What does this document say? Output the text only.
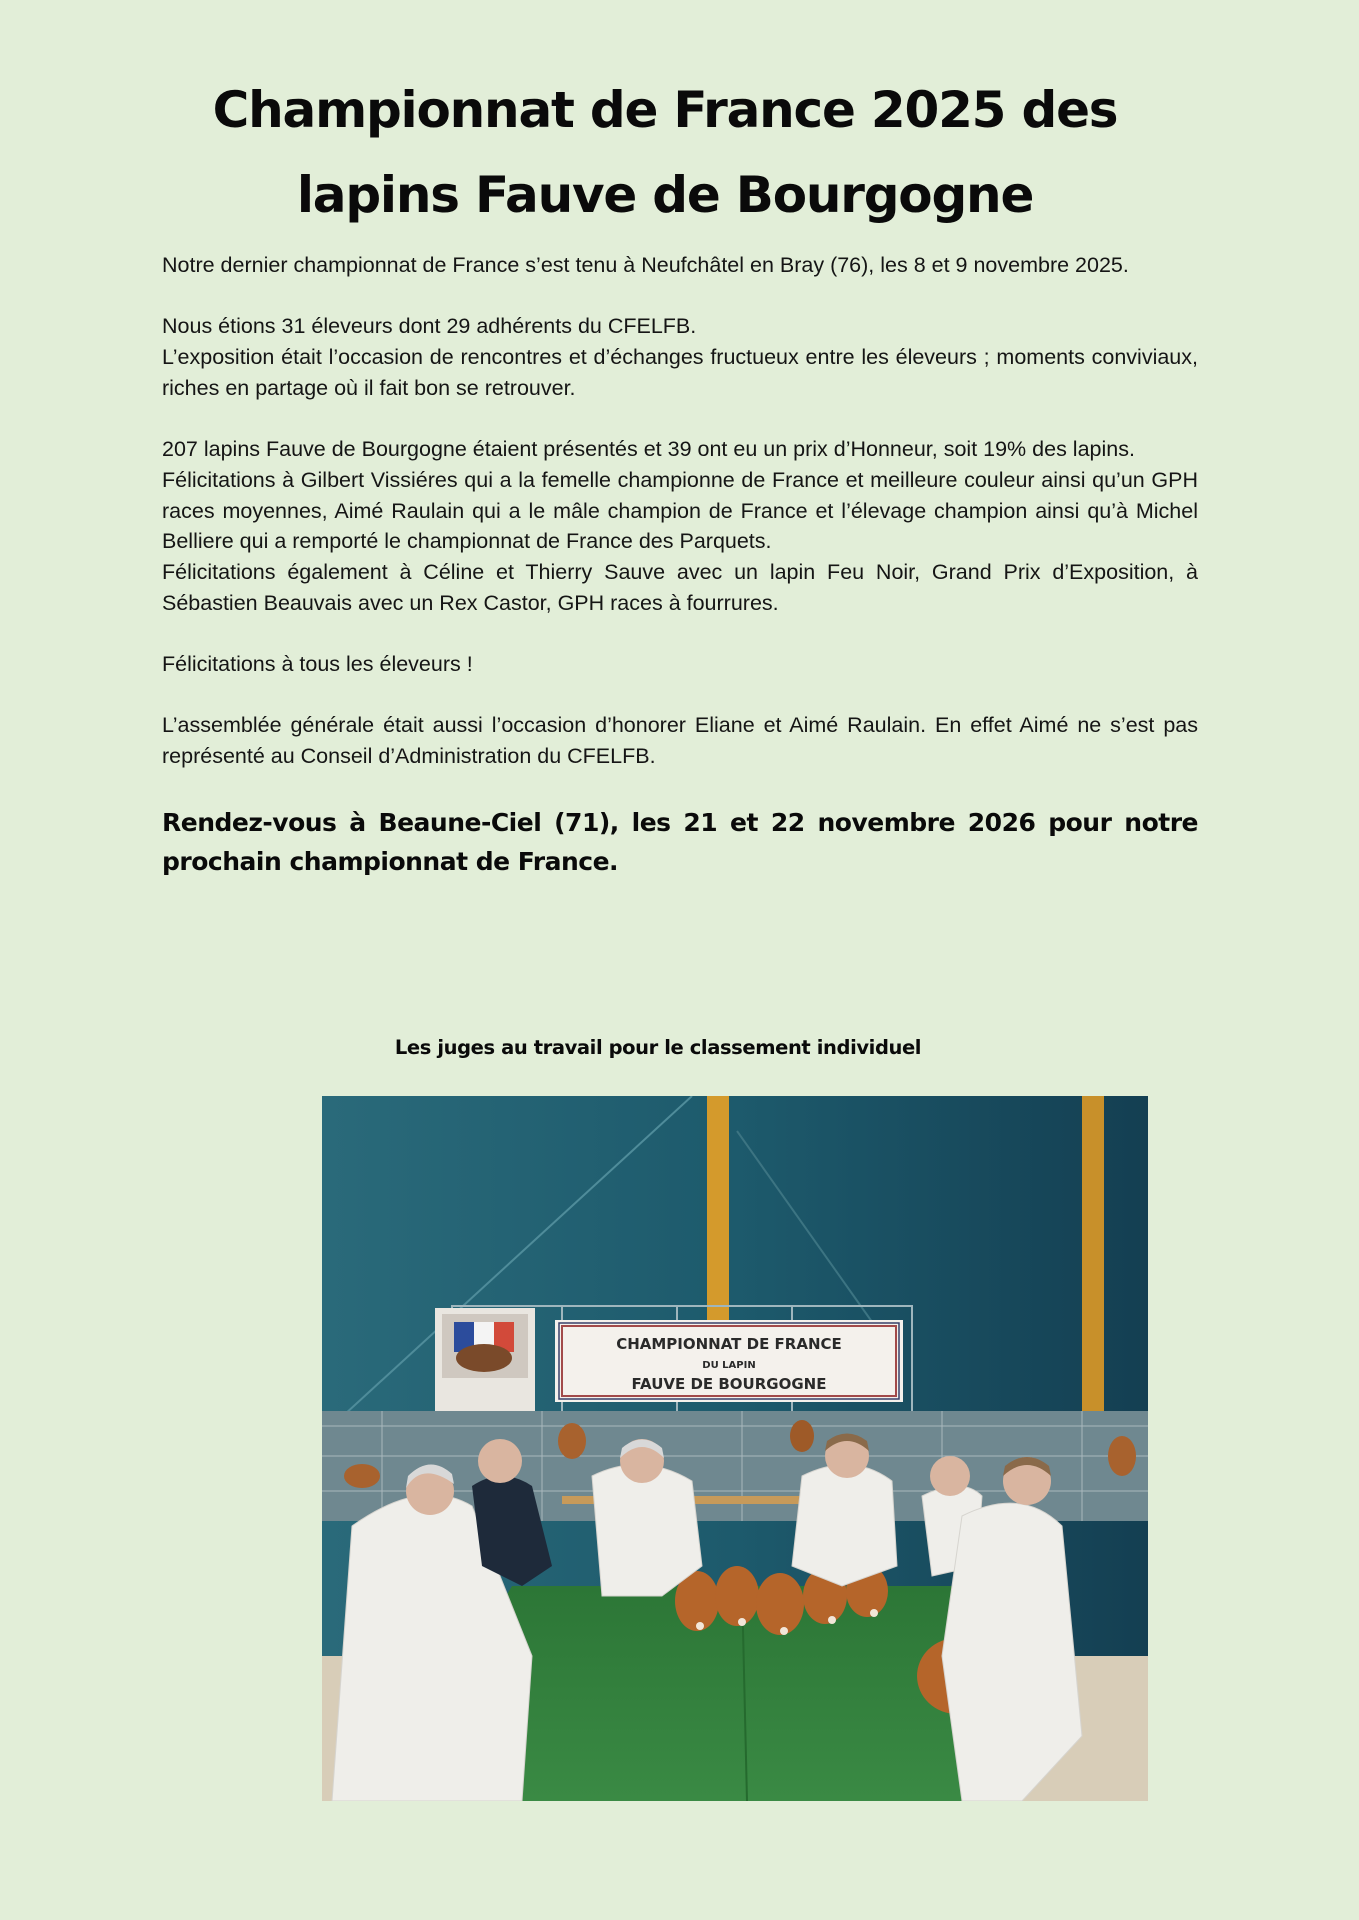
Championnat de France 2025 des
lapins Fauve de Bourgogne

Notre dernier championnat de France s’est tenu à Neufchâtel en Bray (76), les 8 et 9 novembre 2025.

Nous étions 31 éleveurs dont 29 adhérents du CFELFB.

L’exposition était l’occasion de rencontres et d’échanges fructueux entre les éleveurs ; moments conviviaux, riches en partage où il fait bon se retrouver.

207 lapins Fauve de Bourgogne étaient présentés et 39 ont eu un prix d’Honneur, soit 19% des lapins.

Félicitations à Gilbert Vissiéres qui a la femelle championne de France et meilleure couleur ainsi qu’un GPH races moyennes, Aimé Raulain qui a le mâle champion de France et l’élevage champion ainsi qu’à Michel Belliere qui a remporté le championnat de France des Parquets.

Félicitations également à Céline et Thierry Sauve avec un lapin Feu Noir, Grand Prix d’Exposition, à Sébastien Beauvais avec un Rex Castor, GPH races à fourrures.

Félicitations à tous les éleveurs !

L’assemblée générale était aussi l’occasion d’honorer Eliane et Aimé Raulain. En effet Aimé ne s’est pas représenté au Conseil d’Administration du CFELFB.

Rendez-vous à Beaune-Ciel (71), les 21 et 22 novembre 2026 pour notre prochain championnat de France.
Les juges au travail pour le classement individuel
CHAMPIONNAT DE FRANCE
DU LAPIN
FAUVE DE BOURGOGNE
